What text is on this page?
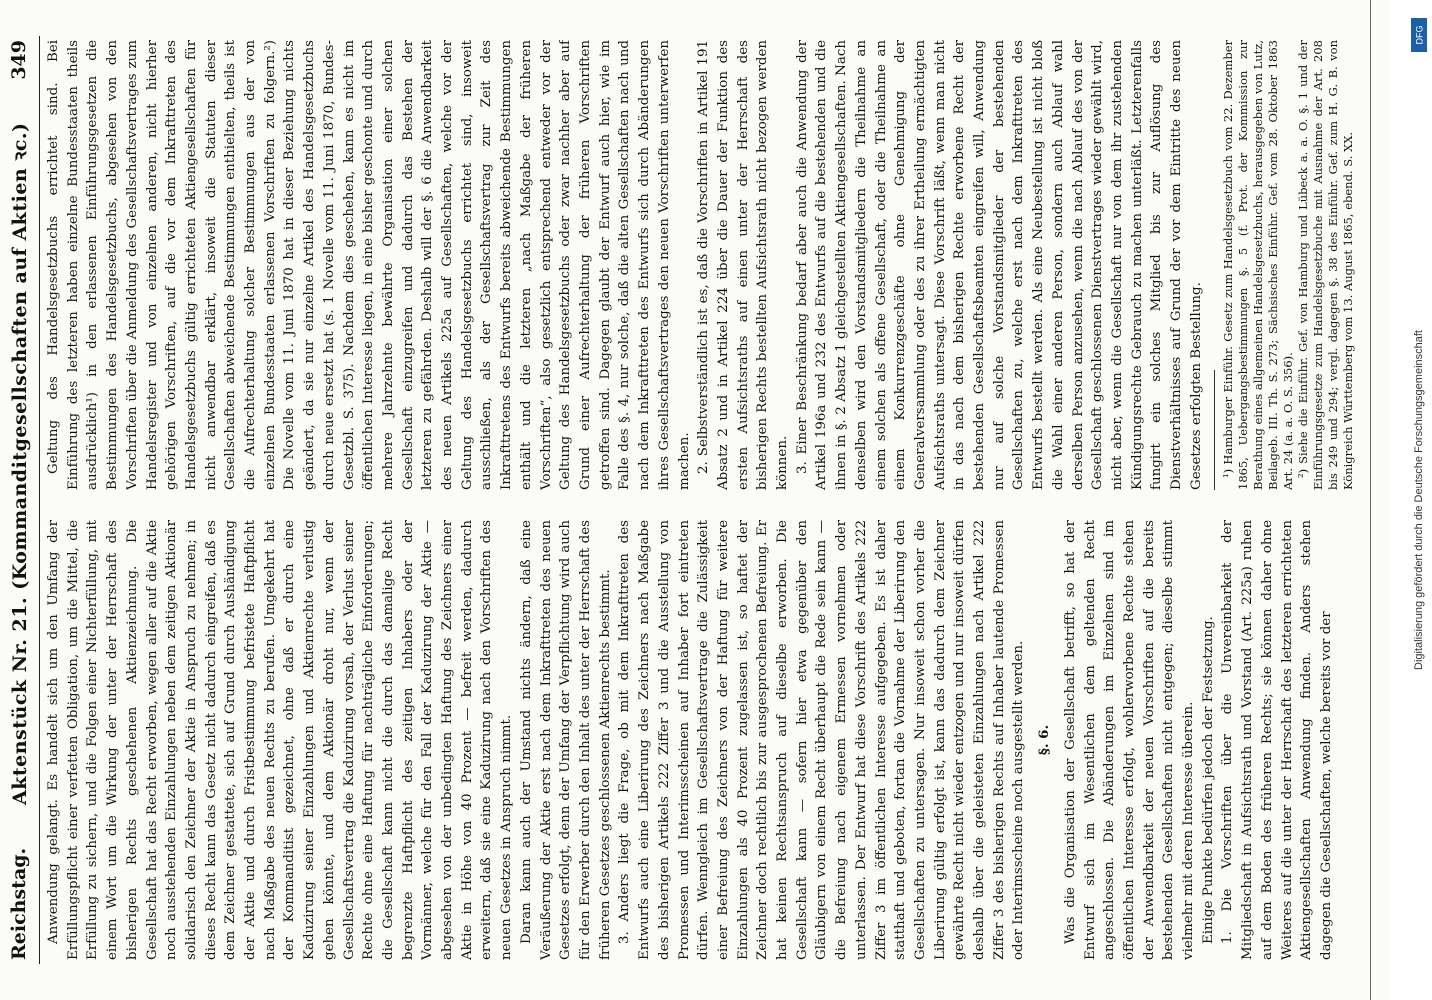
Reichstag.
Aktenstück Nr. 21. (Kommanditgesellschaften auf Aktien ꝛc.)
349

Anwendung gelangt. Es handelt sich um den Umfang der Erfüllungspflicht einer verfetten Obligation, um die Mittel, die Erfüllung zu sichern, und die Folgen einer Nichterfüllung, mit einem Wort um die Wirkung der unter der Herrschaft des bisherigen Rechts geschehenen Aktienzeichnung. Die Gesellschaft hat das Recht erworben, wegen aller auf die Aktie noch ausstehenden Einzahlungen neben dem zeitigen Aktionär solidarisch den Zeichner der Aktie in Anspruch zu nehmen; in dieses Recht kann das Gesetz nicht dadurch eingreifen, daß es dem Zeichner gestattete, sich auf Grund durch Aushändigung der Aktie und durch Fristbestimmung befristete Haftpflicht nach Maßgabe des neuen Rechts zu berufen. Umgekehrt hat der Kommanditist gezeichnet, ohne daß er durch eine Kaduzirung seiner Einzahlungen und Aktienrechte verlustig gehen könnte, und dem Aktionär droht nur, wenn der Gesellschaftsvertrag die Kaduzirung vorsah, der Verlust seiner Rechte ohne eine Haftung für nachträgliche Einforderungen; die Gesellschaft kann nicht die durch das damalige Recht begrenzte Haftpflicht des zeitigen Inhabers oder der Vormänner, welche für den Fall der Kaduzirung der Aktie — abgesehen von der unbedingten Haftung des Zeichners einer Aktie in Höhe von 40 Prozent — befreit werden, dadurch erweitern, daß sie eine Kaduzirung nach den Vorschriften des neuen Gesetzes in Anspruch nimmt. Daran kann auch der Umstand nichts ändern, daß eine Veräußerung der Aktie erst nach dem Inkrafttreten des neuen Gesetzes erfolgt, denn der Umfang der Verpflichtung wird auch für den Erwerber durch den Inhalt des unter der Herrschaft des früheren Gesetzes geschlossenen Aktienrechts bestimmt. 3. Anders liegt die Frage, ob mit dem Inkrafttreten des Entwurfs auch eine Liberirung des Zeichners nach Maßgabe des bisherigen Artikels 222 Ziffer 3 und die Ausstellung von Promessen und Interimsscheinen auf Inhaber fort eintreten dürfen. Wenngleich im Gesellschaftsvertrage die Zulässigkeit einer Befreiung des Zeichners von der Haftung für weitere Einzahlungen als 40 Prozent zugelassen ist, so haftet der Zeichner doch rechtlich bis zur ausgesprochenen Befreiung. Er hat keinen Rechtsanspruch auf dieselbe erworben. Die Gesellschaft kann — sofern hier etwa gegenüber den Gläubigern von einem Recht überhaupt die Rede sein kann — die Befreiung nach eigenem Ermessen vornehmen oder unterlassen. Der Entwurf hat diese Vorschrift des Artikels 222 Ziffer 3 im öffentlichen Interesse aufgegeben. Es ist daher statthaft und geboten, fortan die Vornahme der Liberirung den Gesellschaften zu untersagen. Nur insoweit schon vorher die Liberirung gültig erfolgt ist, kann das dadurch dem Zeichner gewährte Recht nicht wieder entzogen und nur insoweit dürfen deshalb über die geleisteten Einzahlungen nach Artikel 222 Ziffer 3 des bisherigen Rechts auf Inhaber lautende Promessen oder Interimsscheine noch ausgestellt werden. §. 6. Was die Organisation der Gesellschaft betrifft, so hat der Entwurf sich im Wesentlichen dem geltenden Recht angeschlossen. Die Abänderungen im Einzelnen sind im öffentlichen Interesse erfolgt, wohlerworbene Rechte stehen der Anwendbarkeit der neuen Vorschriften auf die bereits bestehenden Gesellschaften nicht entgegen; dieselbe stimmt vielmehr mit deren Interesse überein. Einige Punkte bedürfen jedoch der Festsetzung. 1. Die Vorschriften über die Unvereinbarkeit der Mitgliedschaft in Aufsichtsrath und Vorstand (Art. 225a) ruhen auf dem Boden des früheren Rechts; sie können daher ohne Weiteres auf die unter der Herrschaft des letzteren errichteten Aktiengesellschaften Anwendung finden. Anders stehen dagegen die Gesellschaften, welche bereits vor der

Geltung des Handelsgesetzbuchs errichtet sind. Bei Einführung des letzteren haben einzelne Bundesstaaten theils ausdrücklich¹) in den erlassenen Einführungsgesetzen die Bestimmungen des Handelsgesetzbuchs, abgesehen von den Vorschriften über die Anmeldung des Gesellschaftsvertrages zum Handelsregister und von einzelnen anderen, nicht hierher gehörigen Vorschriften, auf die vor dem Inkrafttreten des Handelsgesetzbuchs gültig errichteten Aktiengesellschaften für nicht anwendbar erklärt, insoweit die Statuten dieser Gesellschaften abweichende Bestimmungen enthielten, theils ist die Aufrechterhaltung solcher Bestimmungen aus der von einzelnen Bundesstaaten erlassenen Vorschriften zu folgern.²) Die Novelle vom 11. Juni 1870 hat in dieser Beziehung nichts geändert, da sie nur einzelne Artikel des Handelsgesetzbuchs durch neue ersetzt hat (s. 1 Novelle vom 11. Juni 1870, Bundes-Gesetzbl. S. 375). Nachdem dies geschehen, kann es nicht im öffentlichen Interesse liegen, in eine bisher geschonte und durch mehrere Jahrzehnte bewährte Organisation einer solchen Gesellschaft einzugreifen und dadurch das Bestehen der letzteren zu gefährden. Deshalb will der §. 6 die Anwendbarkeit des neuen Artikels 225a auf Gesellschaften, welche vor der Geltung des Handelsgesetzbuchs errichtet sind, insoweit ausschließen, als der Gesellschaftsvertrag zur Zeit des Inkrafttretens des Entwurfs bereits abweichende Bestimmungen enthält und die letzteren „nach Maßgabe der früheren Vorschriften“, also gesetzlich entsprechend entweder vor der Geltung des Handelsgesetzbuchs oder zwar nachher aber auf Grund einer Aufrechterhaltung der früheren Vorschriften getroffen sind. Dagegen glaubt der Entwurf auch hier, wie im Falle des §. 4, nur solche, daß die alten Gesellschaften nach und nach dem Inkrafttreten des Entwurfs sich durch Abänderungen ihres Gesellschaftsvertrages den neuen Vorschriften unterwerfen machen. 2. Selbstverständlich ist es, daß die Vorschriften in Artikel 191 Absatz 2 und in Artikel 224 über die Dauer der Funktion des ersten Aufsichtsraths auf einen unter der Herrschaft des bisherigen Rechts bestellten Aufsichtsrath nicht bezogen werden können. 3. Einer Beschränkung bedarf aber auch die Anwendung der Artikel 196a und 232 des Entwurfs auf die bestehenden und die ihnen in §. 2 Absatz 1 gleichgestellten Aktiengesellschaften. Nach denselben wird den Vorstandsmitgliedern die Theilnahme an einem solchen als offene Gesellschaft, oder die Theilnahme an einem Konkurrenzgeschäfte ohne Genehmigung der Generalversammlung oder des zu ihrer Ertheilung ermächtigten Aufsichtsraths untersagt. Diese Vorschrift läßt, wenn man nicht in das nach dem bisherigen Rechte erworbene Recht der bestehenden Gesellschaftsbeamten eingreifen will, Anwendung nur auf solche Vorstandsmitglieder der bestehenden Gesellschaften zu, welche erst nach dem Inkrafttreten des Entwurfs bestellt werden. Als eine Neubestellung ist nicht bloß die Wahl einer anderen Person, sondern auch Ablauf wahl derselben Person anzusehen, wenn die nach Ablauf des von der Gesellschaft geschlossenen Dienstvertrages wieder gewählt wird, nicht aber, wenn die Gesellschaft nur von dem ihr zustehenden Kündigungsrechte Gebrauch zu machen unterläßt. Letzterenfalls fungirt ein solches Mitglied bis zur Auflösung des Dienstverhältnisses auf Grund der vor dem Eintritte des neuen Gesetzes erfolgten Bestellung. ¹) Hamburger Einführ. Gesetz zum Handelsgesetzbuch vom 22. Dezember 1865, Uebergangsbestimmungen §. 5 (f. Prot. der Kommission zur Berathung eines allgemeinen Handelsgesetzbuchs, herausgegeben von Lutz, Beilageb. III. Th. S. 273; Sächsisches Einführ. Gef. vom 28. Oktober 1863 Art. 24 (a. a. O. S. 356). ²) Siehe die Einführ. Gef. von Hamburg und Lübeck a. a. O. §. 1 und der Einführungsgesetze zum Handelsgesetzbuche mit Ausnahme der Art. 208 bis 249 und 294; vergl. dagegen §. 38 des Einführ. Gef. zum H. G. B. von Königreich Württemberg vom 13. August 1865, ebend. S. XX.

DFG
Digitalisierung gefördert durch die Deutsche Forschungsgemeinschaft
